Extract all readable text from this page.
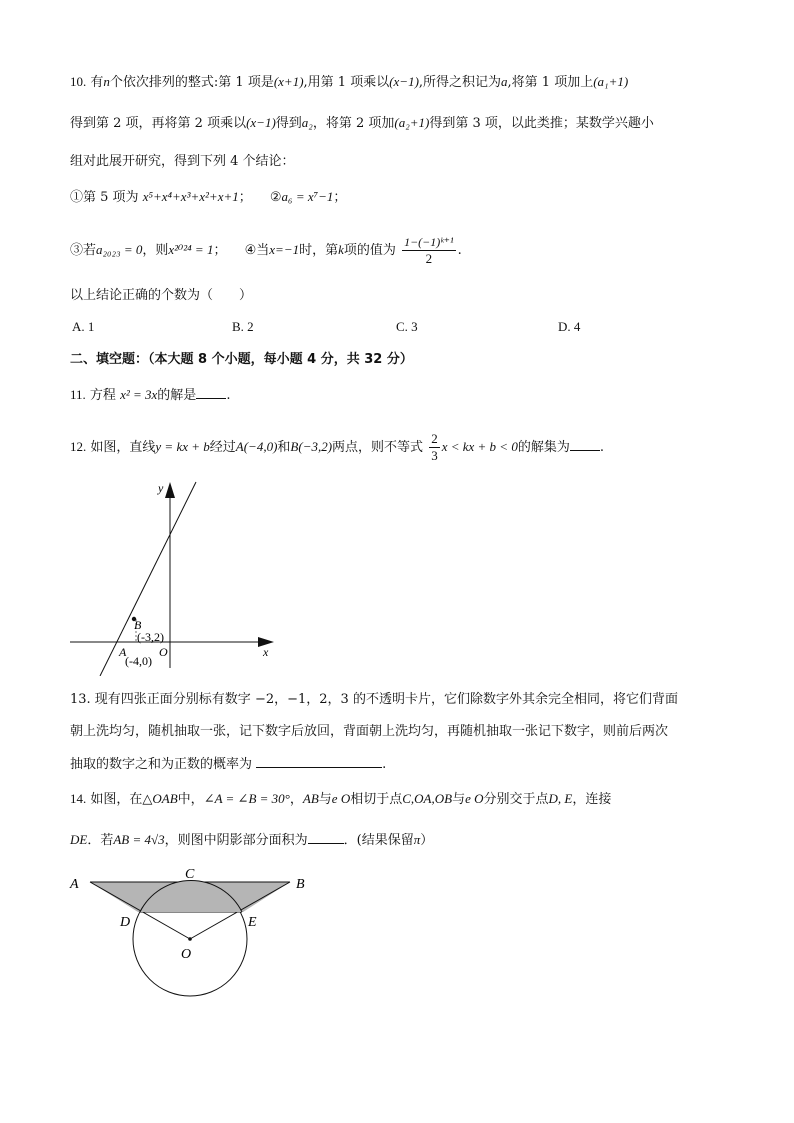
10. 有n个依次排列的整式:第 1 项是(x+1),用第 1 项乘以(x−1),所得之积记为a,将第 1 项加上(a₁+1)
得到第 2 项，再将第 2 项乘以(x−1)得到a₂，将第 2 项加(a₂+1)得到第 3 项，以此类推；某数学兴趣小
组对此展开研究，得到下列 4 个结论：
①第 5 项为 x⁵+x⁴+x³+x²+x+1； ②a₆ = x⁷−1；
③若a₂₀₂₃ = 0，则x²⁰²⁴ = 1； ④当x=−1时，第k项的值为 $\frac{\text{1−(−1)ᵏ⁺¹}}{2}$ .
以上结论正确的个数为（　　）
A. 1	B. 2	C. 3	D. 4
二、填空题：（本大题 8 个小题，每小题 4 分，共 32 分）
11. 方程 x² = 3x的解是 .
12. 如图，直线y = kx + b经过A(−4,0)和B(−3,2)两点，则不等式 $\frac{2}{3}$ x < kx + b < 0的解集为 .
y
x
O
B
(-3,2)
A
(-4,0)
13. 现有四张正面分别标有数字 −2，−1，2，3 的不透明卡片，它们除数字外其余完全相同，将它们背面
朝上洗均匀，随机抽取一张，记下数字后放回，背面朝上洗均匀，再随机抽取一张记下数字，则前后两次
抽取的数字之和为正数的概率为	.
14. 如图，在△OAB中，∠A = ∠B = 30°，AB与e O相切于点C,OA,OB与e O分别交于点D, E，连接
DE．若AB = 4√3，则图中阴影部分面积为	．(结果保留π）
A	B
C
D	E
O
